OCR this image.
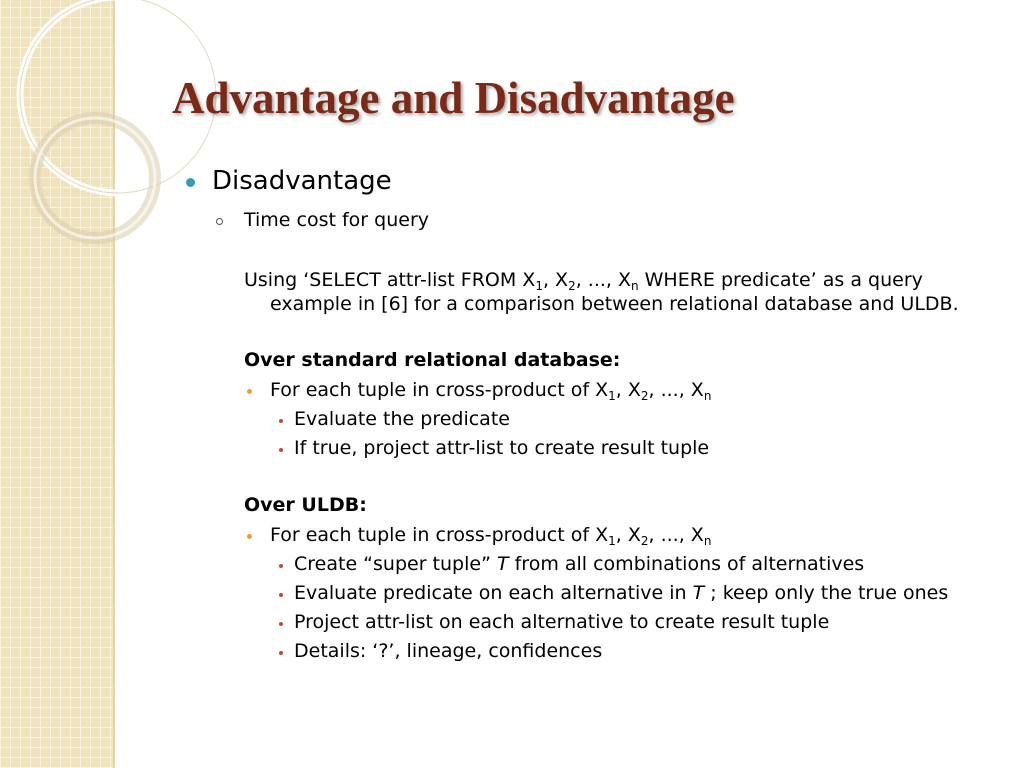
Advantage and Disadvantage
Disadvantage
Time cost for query
Using ‘SELECT attr-list FROM $X_1$, $X_2$, ..., $X_n$ WHERE predicate’ as a query
example in [6] for a comparison between relational database and ULDB.
Over standard relational database:
For each tuple in cross-product of $X_1$, $X_2$, ..., $X_n$
Evaluate the predicate
If true, project attr-list to create result tuple
Over ULDB:
For each tuple in cross-product of $X_1$, $X_2$, ..., $X_n$
Create “super tuple” T from all combinations of alternatives
Evaluate predicate on each alternative in T ; keep only the true ones
Project attr-list on each alternative to create result tuple
Details: ‘?’, lineage, confidences
